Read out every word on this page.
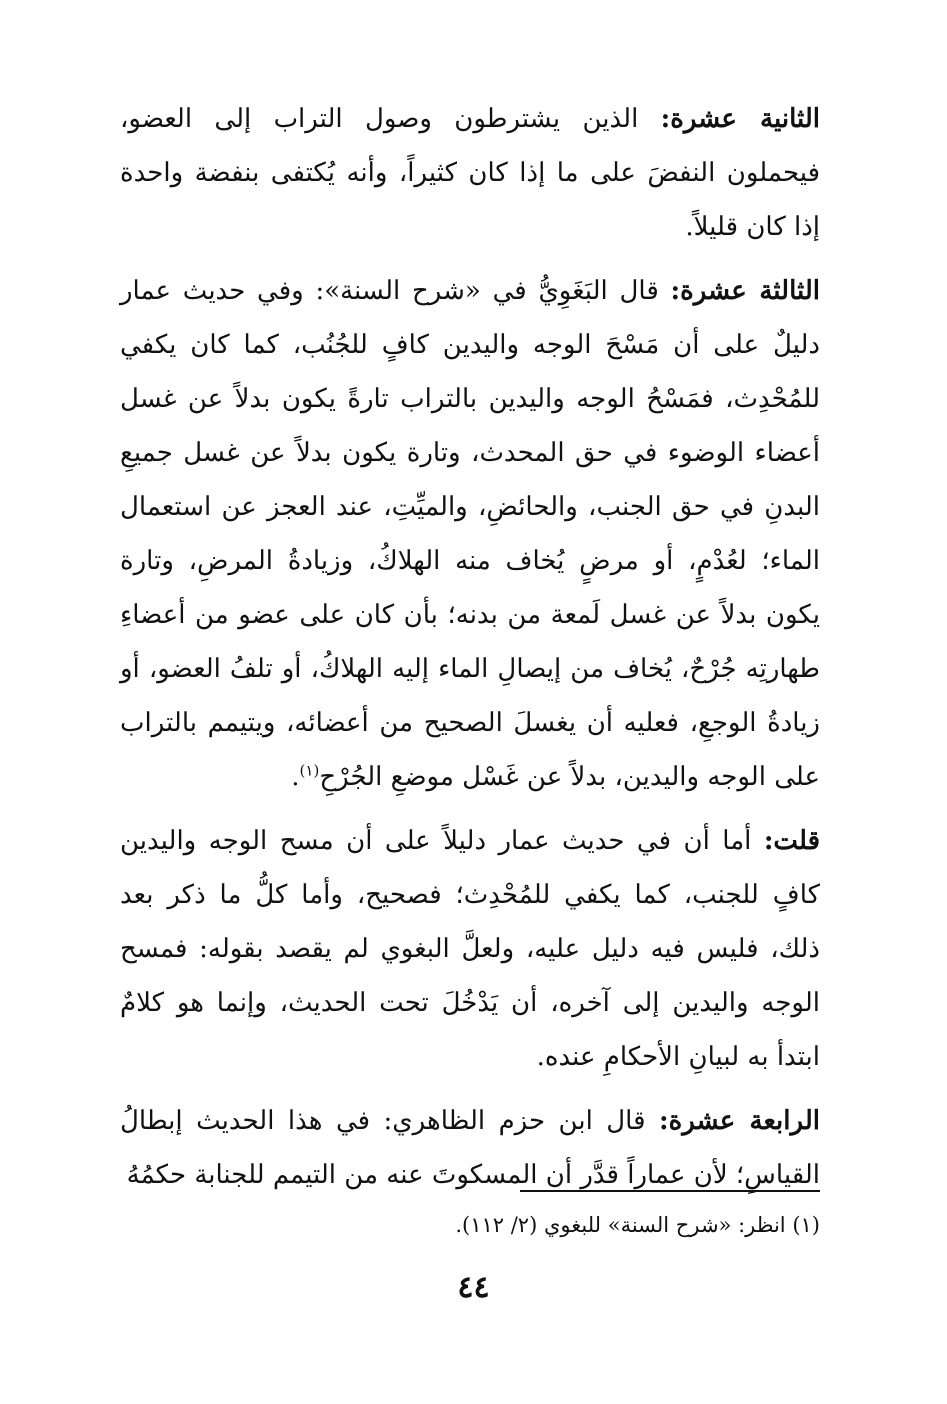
الثانية عشرة: الذين يشترطون وصول التراب إلى العضو، فيحملون النفضَ على ما إذا كان كثيراً، وأنه يُكتفى بنفضة واحدة إذا كان قليلاً.

الثالثة عشرة: قال البَغَوِيُّ في «شرح السنة»: وفي حديث عمار دليلٌ على أن مَسْحَ الوجه واليدين كافٍ للجُنُب، كما كان يكفي للمُحْدِث، فمَسْحُ الوجه واليدين بالتراب تارةً يكون بدلاً عن غسل أعضاء الوضوء في حق المحدث، وتارة يكون بدلاً عن غسل جميعِ البدنِ في حق الجنب، والحائضِ، والميِّتِ، عند العجز عن استعمال الماء؛ لعُدْمٍ، أو مرضٍ يُخاف منه الهلاكُ، وزيادةُ المرضِ، وتارة يكون بدلاً عن غسل لَمعة من بدنه؛ بأن كان على عضو من أعضاءِ طهارتِه جُرْحٌ، يُخاف من إيصالِ الماء إليه الهلاكُ، أو تلفُ العضو، أو زيادةُ الوجعِ، فعليه أن يغسلَ الصحيح من أعضائه، ويتيمم بالتراب على الوجه واليدين، بدلاً عن غَسْل موضعِ الجُرْحِ$^{(١)}$.

قلت: أما أن في حديث عمار دليلاً على أن مسح الوجه واليدين كافٍ للجنب، كما يكفي للمُحْدِث؛ فصحيح، وأما كلُّ ما ذكر بعد ذلك، فليس فيه دليل عليه، ولعلَّ البغوي لم يقصد بقوله: فمسح الوجه واليدين إلى آخره، أن يَدْخُلَ تحت الحديث، وإنما هو كلامٌ ابتدأ به لبيانِ الأحكامِ عنده.

الرابعة عشرة: قال ابن حزم الظاهري: في هذا الحديث إبطالُ القياسِ؛ لأن عماراً قدَّر أن المسكوتَ عنه من التيمم للجنابة حكمُهُ

(١) انظر: «شرح السنة» للبغوي (٢/ ١١٢).
٤٤
